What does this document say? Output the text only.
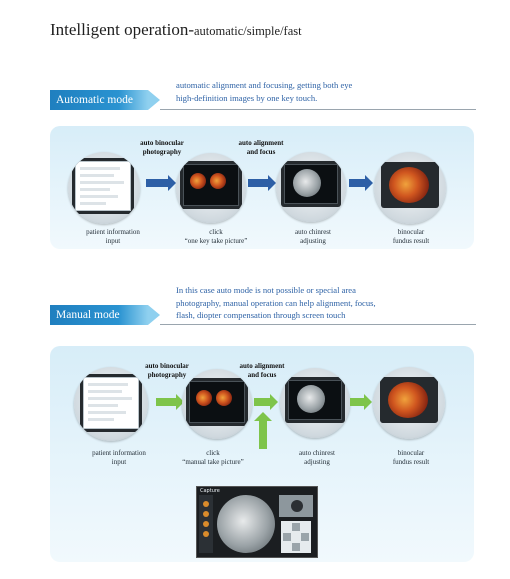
Intelligent operation-automatic/simple/fast
automatic alignment and focusing, getting both eye
high-definition images by one key touch.
Automatic mode
auto binocular
photography
auto alignment
and focus
patient information
input
click
“one key take picture”
auto chinrest
adjusting
binocular
fundus result
In this case auto mode is not possible or special area
photography, manual operation can help alignment, focus,
flash, diopter compensation through screen touch
Manual mode
auto binocular
photography
auto alignment
and focus
patient information
input
click
“manual take picture”
auto chinrest
adjusting
binocular
fundus result
Capture
